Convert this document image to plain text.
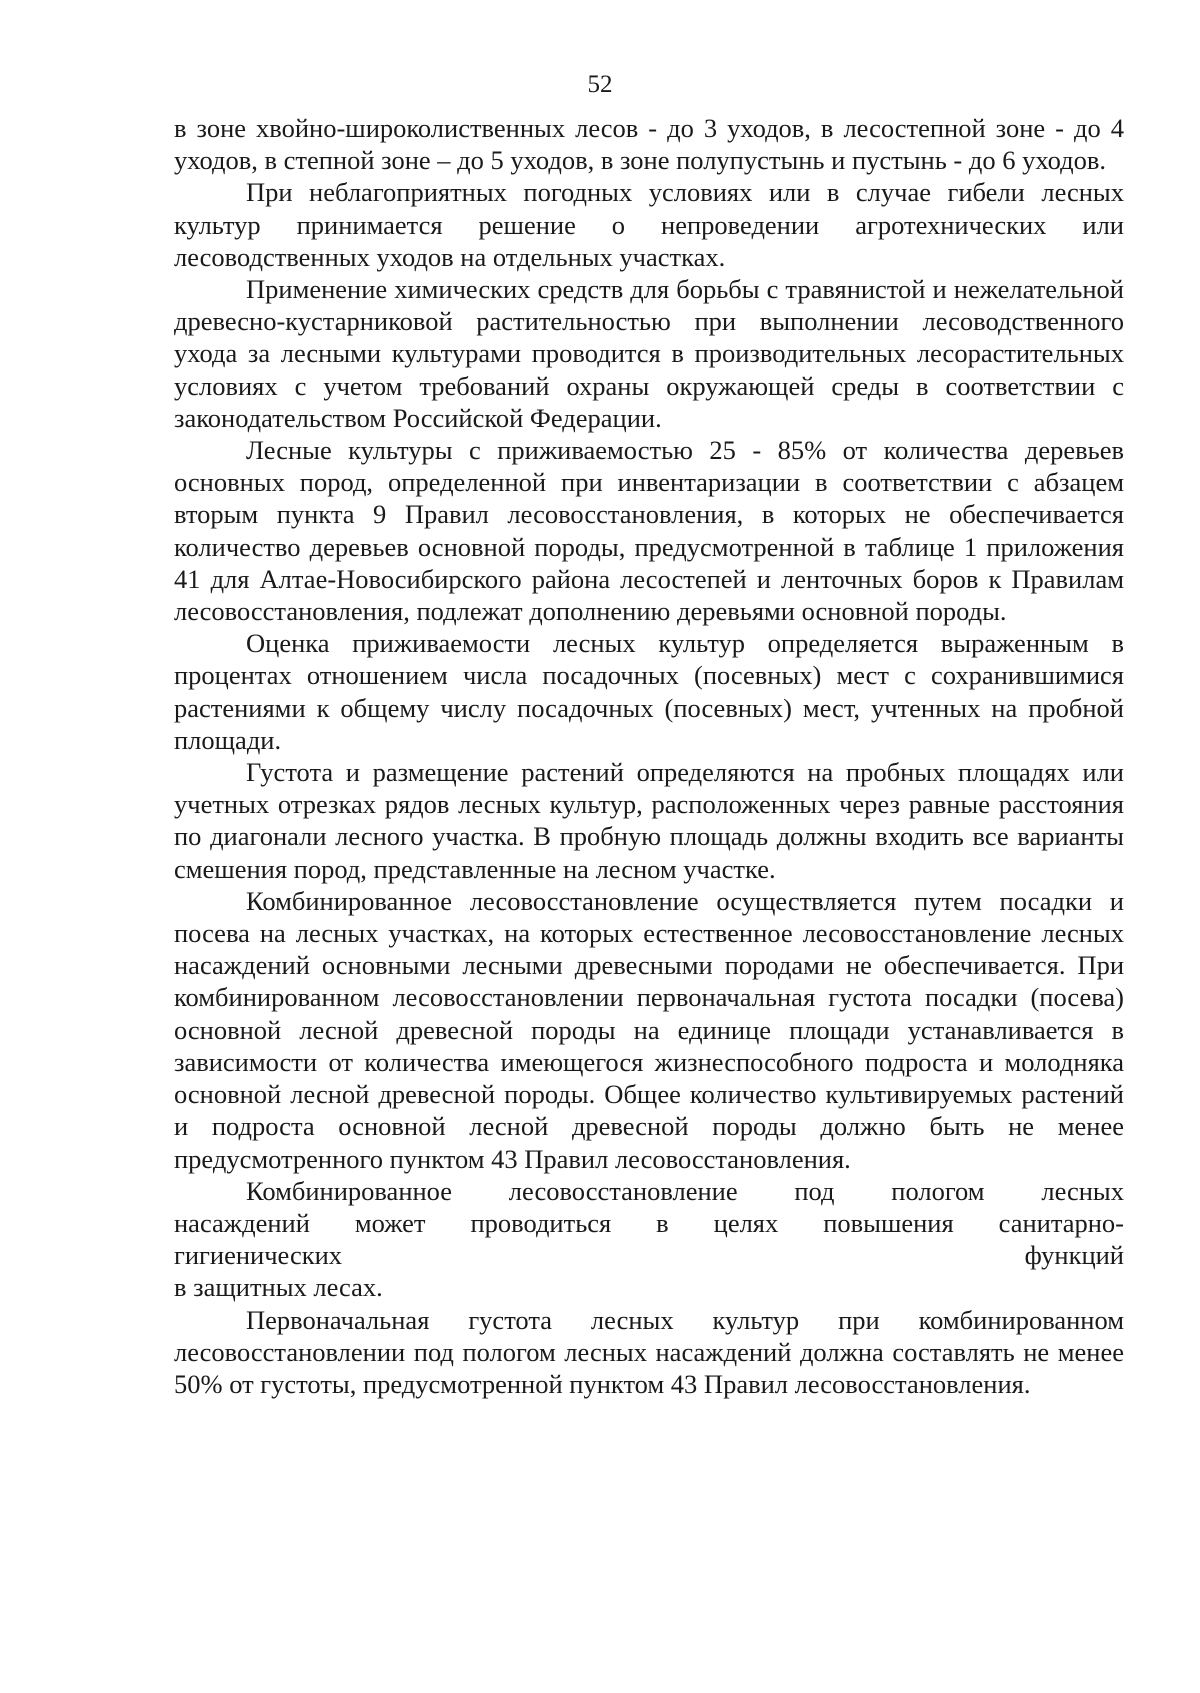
52

в зоне хвойно-широколиственных лесов - до 3 уходов, в лесостепной зоне - до 4 уходов, в степной зоне – до 5 уходов, в зоне полупустынь и пустынь - до 6 уходов.

При неблагоприятных погодных условиях или в случае гибели лесных культур принимается решение о непроведении агротехнических или лесоводственных уходов на отдельных участках.

Применение химических средств для борьбы с травянистой и нежелательной древесно-кустарниковой растительностью при выполнении лесоводственного ухода за лесными культурами проводится в производительных лесорастительных условиях с учетом требований охраны окружающей среды в соответствии с законодательством Российской Федерации.

Лесные культуры с приживаемостью 25 - 85% от количества деревьев основных пород, определенной при инвентаризации в соответствии с абзацем вторым пункта 9 Правил лесовосстановления, в которых не обеспечивается количество деревьев основной породы, предусмотренной в таблице 1 приложения 41 для Алтае-Новосибирского района лесостепей и ленточных боров к Правилам лесовосстановления, подлежат дополнению деревьями основной породы.

Оценка приживаемости лесных культур определяется выраженным в процентах отношением числа посадочных (посевных) мест с сохранившимися растениями к общему числу посадочных (посевных) мест, учтенных на пробной площади.

Густота и размещение растений определяются на пробных площадях или учетных отрезках рядов лесных культур, расположенных через равные расстояния по диагонали лесного участка. В пробную площадь должны входить все варианты смешения пород, представленные на лесном участке.

Комбинированное лесовосстановление осуществляется путем посадки и посева на лесных участках, на которых естественное лесовосстановление лесных насаждений основными лесными древесными породами не обеспечивается. При комбинированном лесовосстановлении первоначальная густота посадки (посева) основной лесной древесной породы на единице площади устанавливается в зависимости от количества имеющегося жизнеспособного подроста и молодняка основной лесной древесной породы. Общее количество культивируемых растений и подроста основной лесной древесной породы должно быть не менее предусмотренного пунктом 43 Правил лесовосстановления.

Комбинированное лесовосстановление под пологом лесных
насаждений может проводиться в целях повышения санитарно-
гигиенических функций
в защитных лесах.

Первоначальная густота лесных культур при комбинированном лесовосстановлении под пологом лесных насаждений должна составлять не менее 50% от густоты, предусмотренной пунктом 43 Правил лесовосстановления.
